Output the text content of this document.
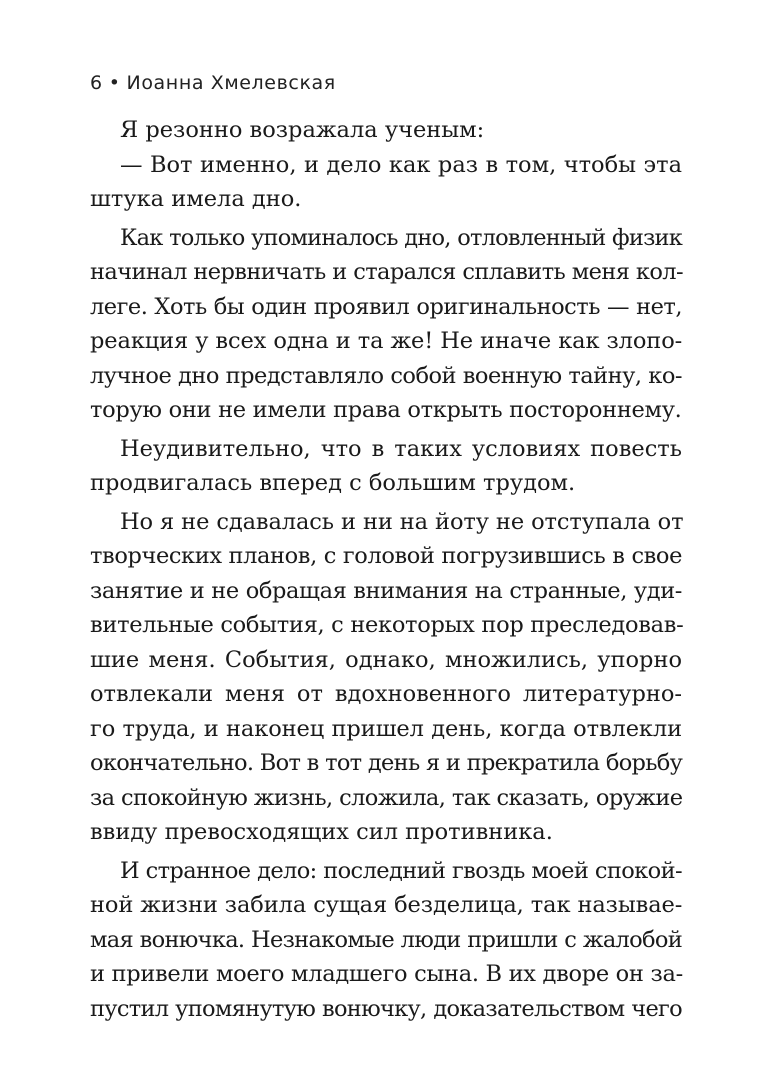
6 • Иоанна Хмелевская
Я резонно возражала ученым:
— Вот именно, и дело как раз в том, чтобы эта
штука имела дно.
Как только упоминалось дно, отловленный физик
начинал нервничать и старался сплавить меня кол-
леге. Хоть бы один проявил оригинальность — нет,
реакция у всех одна и та же! Не иначе как злопо-
лучное дно представляло собой военную тайну, ко-
торую они не имели права открыть постороннему.
Неудивительно, что в таких условиях повесть
продвигалась вперед с большим трудом.
Но я не сдавалась и ни на йоту не отступала от
творческих планов, с головой погрузившись в свое
занятие и не обращая внимания на странные, уди-
вительные события, с некоторых пор преследовав-
шие меня. События, однако, множились, упорно
отвлекали меня от вдохновенного литературно-
го труда, и наконец пришел день, когда отвлекли
окончательно. Вот в тот день я и прекратила борьбу
за спокойную жизнь, сложила, так сказать, оружие
ввиду превосходящих сил противника.
И странное дело: последний гвоздь моей спокой-
ной жизни забила сущая безделица, так называе-
мая вонючка. Незнакомые люди пришли с жалобой
и привели моего младшего сына. В их дворе он за-
пустил упомянутую вонючку, доказательством чего
